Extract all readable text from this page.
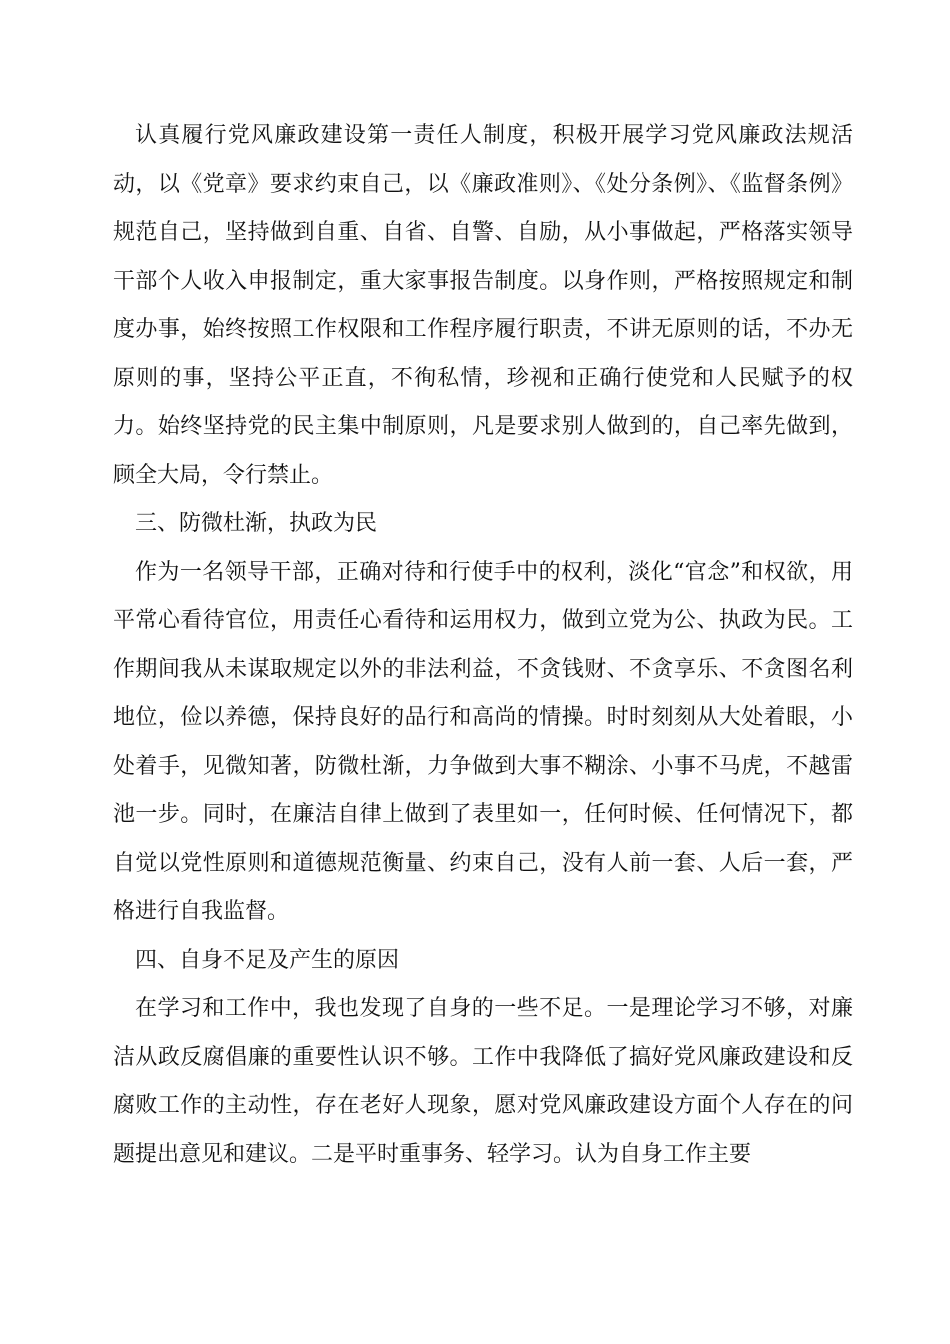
认真履行党风廉政建设第一责任人制度，积极开展学习党风廉政法规活动，以《党章》要求约束自己，以《廉政准则》、《处分条例》、《监督条例》规范自己，坚持做到自重、自省、自警、自励，从小事做起，严格落实领导干部个人收入申报制定，重大家事报告制度。以身作则，严格按照规定和制度办事，始终按照工作权限和工作程序履行职责，不讲无原则的话，不办无原则的事，坚持公平正直，不徇私情，珍视和正确行使党和人民赋予的权力。始终坚持党的民主集中制原则，凡是要求别人做到的，自己率先做到，顾全大局，令行禁止。

三、防微杜渐，执政为民

作为一名领导干部，正确对待和行使手中的权利，淡化“官念”和权欲，用平常心看待官位，用责任心看待和运用权力，做到立党为公、执政为民。工作期间我从未谋取规定以外的非法利益，不贪钱财、不贪享乐、不贪图名利地位，俭以养德，保持良好的品行和高尚的情操。时时刻刻从大处着眼，小处着手，见微知著，防微杜渐，力争做到大事不糊涂、小事不马虎，不越雷池一步。同时，在廉洁自律上做到了表里如一，任何时候、任何情况下，都自觉以党性原则和道德规范衡量、约束自己，没有人前一套、人后一套，严格进行自我监督。

四、自身不足及产生的原因

在学习和工作中，我也发现了自身的一些不足。一是理论学习不够，对廉洁从政反腐倡廉的重要性认识不够。工作中我降低了搞好党风廉政建设和反腐败工作的主动性，存在老好人现象，愿对党风廉政建设方面个人存在的问题提出意见和建议。二是平时重事务、轻学习。认为自身工作主要
